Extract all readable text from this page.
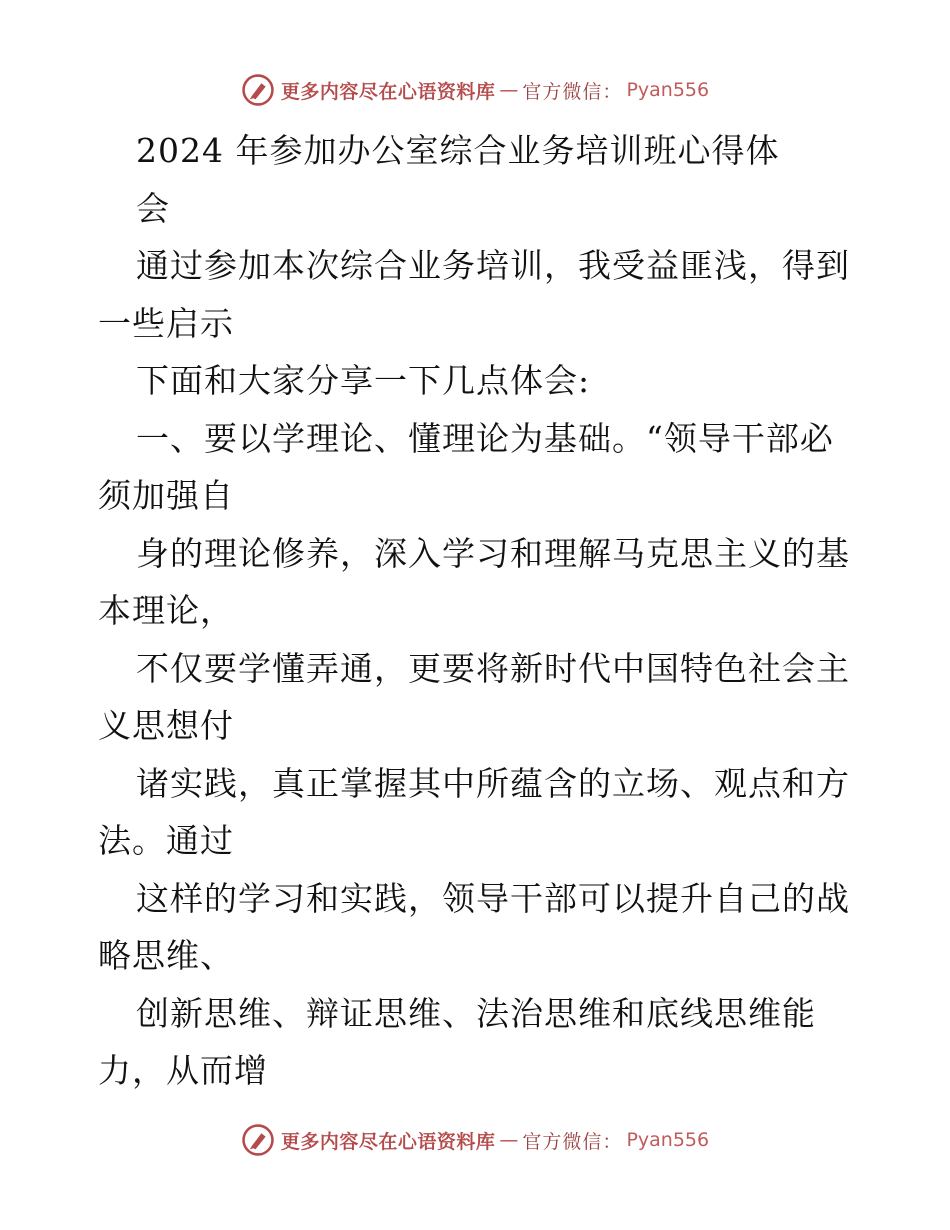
更多内容尽在心语资料库 — 官方微信： Pyan556
2024 年参加办公室综合业务培训班心得体
会
通过参加本次综合业务培训，我受益匪浅，得到
一些启示
下面和大家分享一下几点体会:
一、要以学理论、懂理论为基础。“领导干部必
须加强自
身的理论修养，深入学习和理解马克思主义的基
本理论，
不仅要学懂弄通，更要将新时代中国特色社会主
义思想付
诸实践，真正掌握其中所蕴含的立场、观点和方
法。通过
这样的学习和实践，领导干部可以提升自己的战
略思维、
创新思维、辩证思维、法治思维和底线思维能
力，从而增
更多内容尽在心语资料库 — 官方微信： Pyan556
